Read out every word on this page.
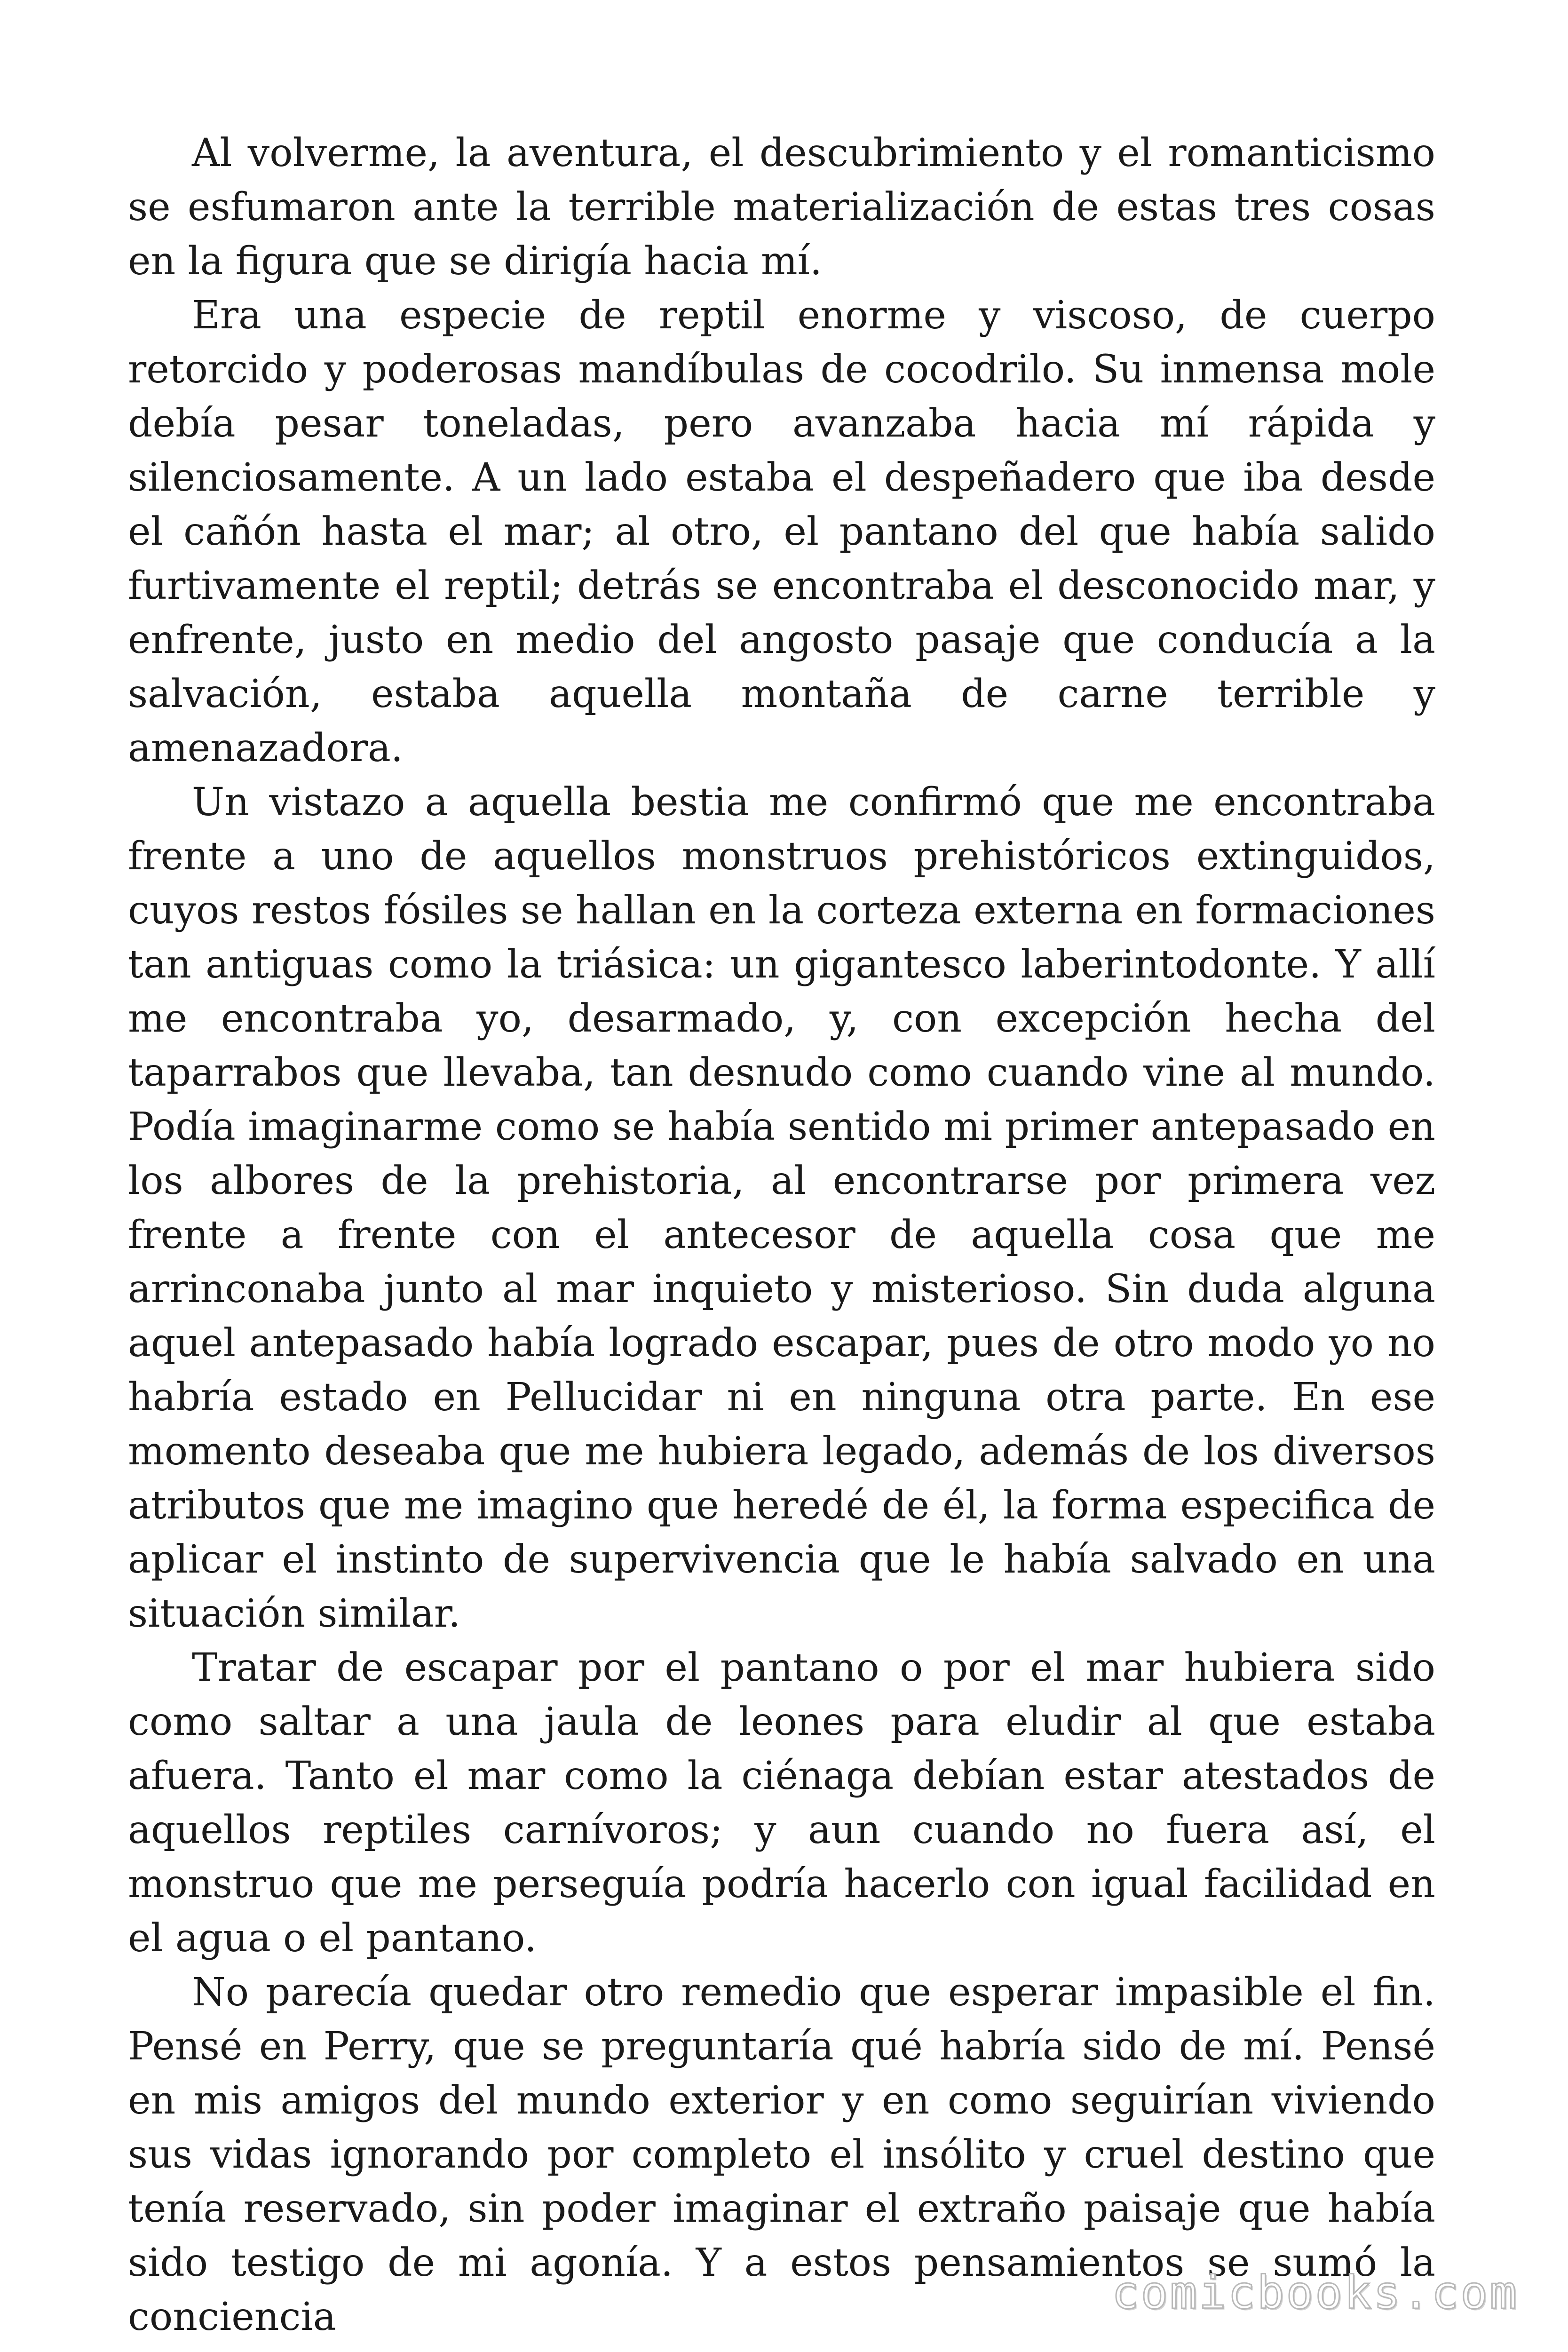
Al volverme, la aventura, el descubrimiento y el romanticismo se esfumaron ante la terrible materialización de estas tres cosas en la figura que se dirigía hacia mí.

Era una especie de reptil enorme y viscoso, de cuerpo retorcido y poderosas mandíbulas de cocodrilo. Su inmensa mole debía pesar toneladas, pero avanzaba hacia mí rápida y silenciosamente. A un lado estaba el despeñadero que iba desde el cañón hasta el mar; al otro, el pantano del que había salido furtivamente el reptil; detrás se encontraba el desconocido mar, y enfrente, justo en medio del angosto pasaje que conducía a la salvación, estaba aquella montaña de carne terrible y amenazadora.

Un vistazo a aquella bestia me confirmó que me encontraba frente a uno de aquellos monstruos prehistóricos extinguidos, cuyos restos fósiles se hallan en la corteza externa en formaciones tan antiguas como la triásica: un gigantesco laberintodonte. Y allí me encontraba yo, desarmado, y, con excepción hecha del taparrabos que llevaba, tan desnudo como cuando vine al mundo. Podía imaginarme como se había sentido mi primer antepasado en los albores de la prehistoria, al encontrarse por primera vez frente a frente con el antecesor de aquella cosa que me arrinconaba junto al mar inquieto y misterioso. Sin duda alguna aquel antepasado había logrado escapar, pues de otro modo yo no habría estado en Pellucidar ni en ninguna otra parte. En ese momento deseaba que me hubiera legado, además de los diversos atributos que me imagino que heredé de él, la forma especifica de aplicar el instinto de supervivencia que le había salvado en una situación similar.

Tratar de escapar por el pantano o por el mar hubiera sido como saltar a una jaula de leones para eludir al que estaba afuera. Tanto el mar como la ciénaga debían estar atestados de aquellos reptiles carnívoros; y aun cuando no fuera así, el monstruo que me perseguía podría hacerlo con igual facilidad en el agua o el pantano.

No parecía quedar otro remedio que esperar impasible el fin. Pensé en Perry, que se preguntaría qué habría sido de mí. Pensé en mis amigos del mundo exterior y en como seguirían viviendo sus vidas ignorando por completo el insólito y cruel destino que tenía reservado, sin poder imaginar el extraño paisaje que había sido testigo de mi agonía. Y a estos pensamientos se sumó la conciencia	comicbooks.com
